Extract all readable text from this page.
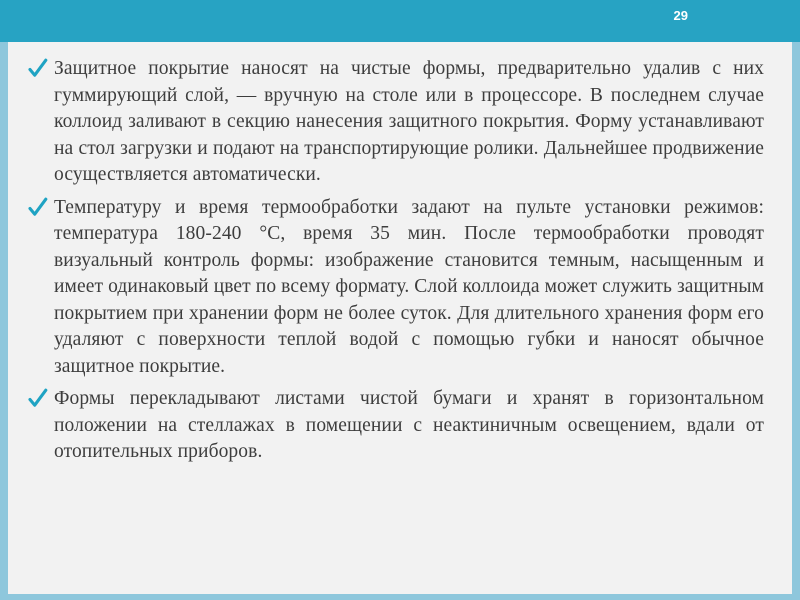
29
Защитное покрытие наносят на чистые формы, предварительно удалив с них гуммирующий слой, — вручную на столе или в процессоре. В последнем случае коллоид заливают в секцию нанесения защитного покрытия. Форму устанавливают на стол загрузки и подают на транспортирующие ролики. Дальнейшее продвижение осуществляется автоматически.
Температуру и время термообработки задают на пульте установки режимов: температура 180-240 °С, время 35 мин. После термообработки проводят визуальный контроль формы: изображение становится темным, насыщенным и имеет одинаковый цвет по всему формату. Слой коллоида может служить защитным покрытием при хранении форм не более суток. Для длительного хранения форм его удаляют с поверхности теплой водой с помощью губки и наносят обычное защитное покрытие.
Формы перекладывают листами чистой бумаги и хранят в горизонтальном положении на стеллажах в помещении с неактиничным освещением, вдали от отопительных приборов.
